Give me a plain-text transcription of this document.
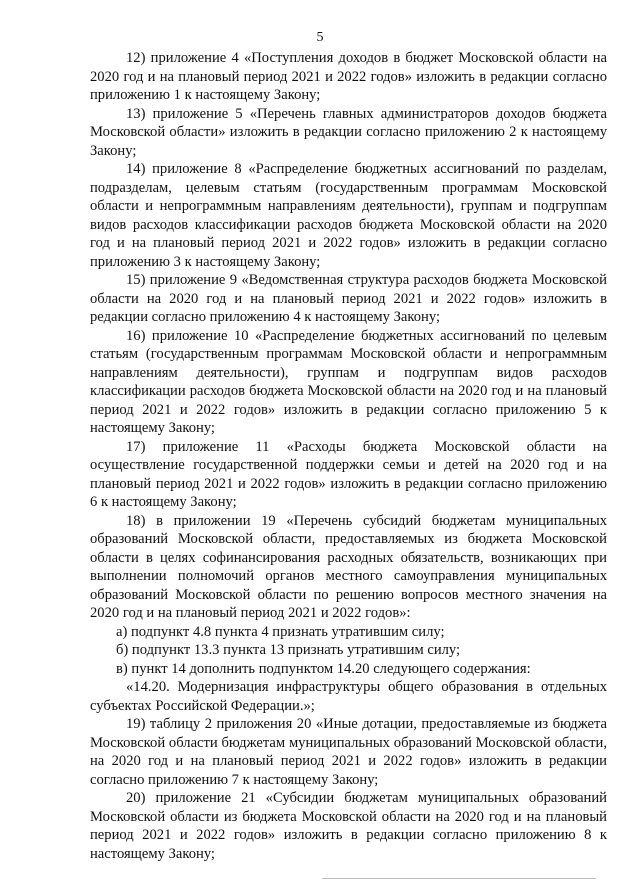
5

12) приложение 4 «Поступления доходов в бюджет Московской области на 2020 год и на плановый период 2021 и 2022 годов» изложить в редакции согласно приложению 1 к настоящему Закону;

13) приложение 5 «Перечень главных администраторов доходов бюджета Московской области» изложить в редакции согласно приложению 2 к настоящему Закону;

14) приложение 8 «Распределение бюджетных ассигнований по разделам, подразделам, целевым статьям (государственным программам Московской области и непрограммным направлениям деятельности), группам и подгруппам видов расходов классификации расходов бюджета Московской области на 2020 год и на плановый период 2021 и 2022 годов» изложить в редакции согласно приложению 3 к настоящему Закону;

15) приложение 9 «Ведомственная структура расходов бюджета Московской области на 2020 год и на плановый период 2021 и 2022 годов» изложить в редакции согласно приложению 4 к настоящему Закону;

16) приложение 10 «Распределение бюджетных ассигнований по целевым статьям (государственным программам Московской области и непрограммным направлениям деятельности), группам и подгруппам видов расходов классификации расходов бюджета Московской области на 2020 год и на плановый период 2021 и 2022 годов» изложить в редакции согласно приложению 5 к настоящему Закону;

17) приложение 11 «Расходы бюджета Московской области на осуществление государственной поддержки семьи и детей на 2020 год и на плановый период 2021 и 2022 годов» изложить в редакции согласно приложению 6 к настоящему Закону;

18) в приложении 19 «Перечень субсидий бюджетам муниципальных образований Московской области, предоставляемых из бюджета Московской области в целях софинансирования расходных обязательств, возникающих при выполнении полномочий органов местного самоуправления муниципальных образований Московской области по решению вопросов местного значения на 2020 год и на плановый период 2021 и 2022 годов»:

а) подпункт 4.8 пункта 4 признать утратившим силу;

б) подпункт 13.3 пункта 13 признать утратившим силу;

в) пункт 14 дополнить подпунктом 14.20 следующего содержания:

«14.20. Модернизация инфраструктуры общего образования в отдельных субъектах Российской Федерации.»;

19) таблицу 2 приложения 20 «Иные дотации, предоставляемые из бюджета Московской области бюджетам муниципальных образований Московской области, на 2020 год и на плановый период 2021 и 2022 годов» изложить в редакции согласно приложению 7 к настоящему Закону;

20) приложение 21 «Субсидии бюджетам муниципальных образований Московской области из бюджета Московской области на 2020 год и на плановый период 2021 и 2022 годов» изложить в редакции согласно приложению 8 к настоящему Закону;
